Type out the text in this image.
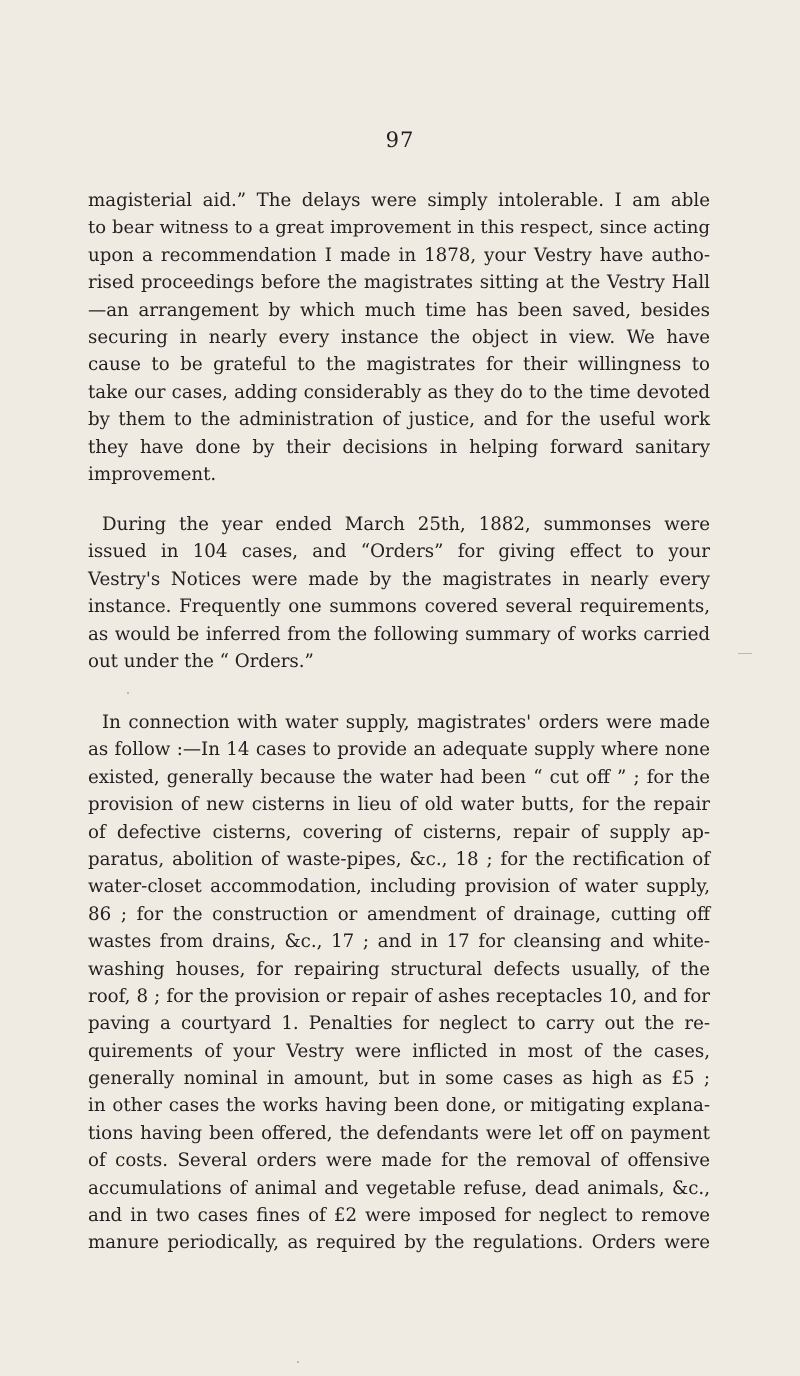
97
magisterial aid.” The delays were simply intolerable. I am able
to bear witness to a great improvement in this respect, since acting
upon a recommendation I made in 1878, your Vestry have autho-
rised proceedings before the magistrates sitting at the Vestry Hall
—an arrangement by which much time has been saved, besides
securing in nearly every instance the object in view. We have
cause to be grateful to the magistrates for their willingness to
take our cases, adding considerably as they do to the time devoted
by them to the administration of justice, and for the useful work
they have done by their decisions in helping forward sanitary
improvement.
During the year ended March 25th, 1882, summonses were
issued in 104 cases, and “Orders” for giving effect to your
Vestry's Notices were made by the magistrates in nearly every
instance. Frequently one summons covered several requirements,
as would be inferred from the following summary of works carried
out under the “ Orders.”
In connection with water supply, magistrates' orders were made
as follow :—In 14 cases to provide an adequate supply where none
existed, generally because the water had been “ cut off ” ; for the
provision of new cisterns in lieu of old water butts, for the repair
of defective cisterns, covering of cisterns, repair of supply ap-
paratus, abolition of waste-pipes, &c., 18 ; for the rectification of
water-closet accommodation, including provision of water supply,
86 ; for the construction or amendment of drainage, cutting off
wastes from drains, &c., 17 ; and in 17 for cleansing and white-
washing houses, for repairing structural defects usually, of the
roof, 8 ; for the provision or repair of ashes receptacles 10, and for
paving a courtyard 1. Penalties for neglect to carry out the re-
quirements of your Vestry were inflicted in most of the cases,
generally nominal in amount, but in some cases as high as £5 ;
in other cases the works having been done, or mitigating explana-
tions having been offered, the defendants were let off on payment
of costs. Several orders were made for the removal of offensive
accumulations of animal and vegetable refuse, dead animals, &c.,
and in two cases fines of £2 were imposed for neglect to remove
manure periodically, as required by the regulations. Orders were
